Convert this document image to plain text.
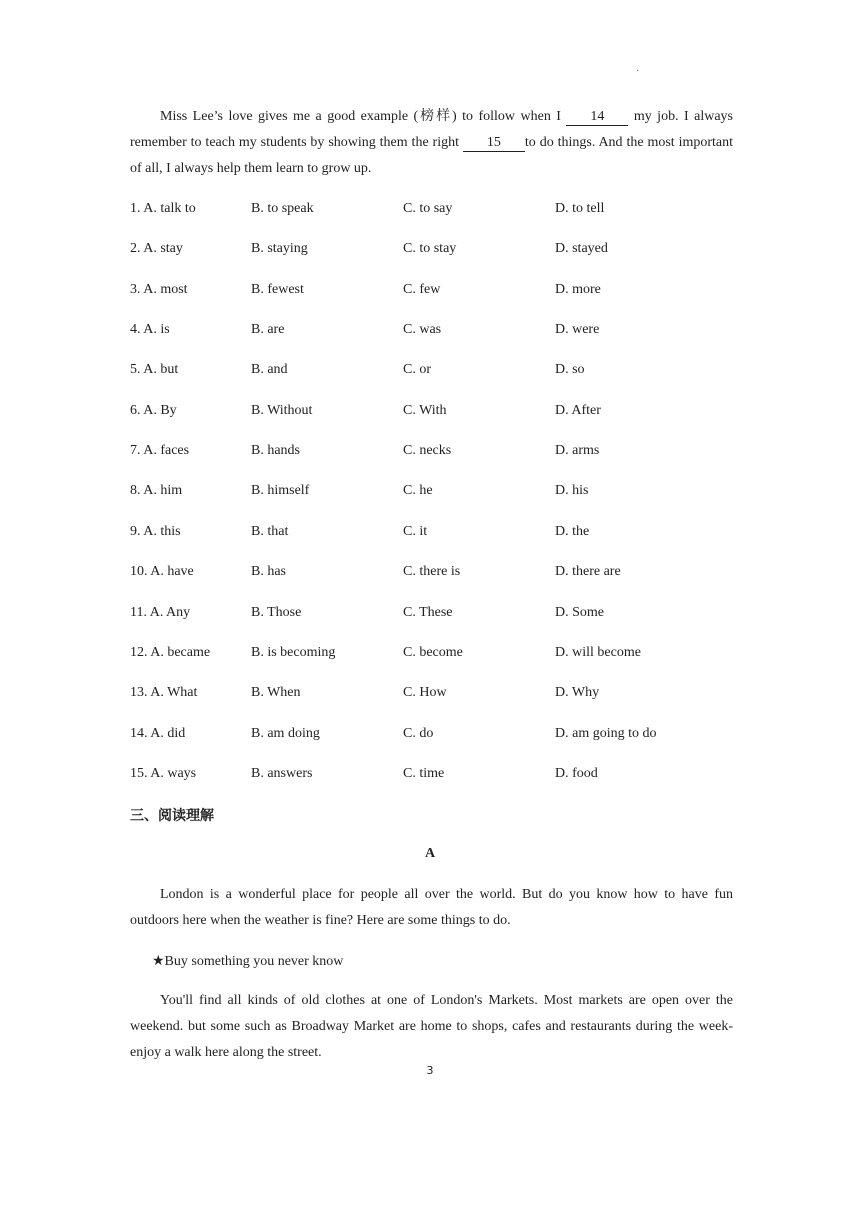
·
Miss Lee’s love gives me a good example (榜样) to follow when I 14 my job. I always remember to teach my students by showing them the right 15 to do things. And the most important of all, I always help them learn to grow up.
1. A. talk to	B. to speak	C. to say	D. to tell
2. A. stay	B. staying	C. to stay	D. stayed
3. A. most	B. fewest	C. few	D. more
4. A. is	B. are	C. was	D. were
5. A. but	B. and	C. or	D. so
6. A. By	B. Without	C. With	D. After
7. A. faces	B. hands	C. necks	D. arms
8. A. him	B. himself	C. he	D. his
9. A. this	B. that	C. it	D. the
10. A. have	B. has	C. there is	D. there are
11. A. Any	B. Those	C. These	D. Some
12. A. became	B. is becoming	C. become	D. will become
13. A. What	B. When	C. How	D. Why
14. A. did	B. am doing	C. do	D. am going to do
15. A. ways	B. answers	C. time	D. food
三、阅读理解
A
London is a wonderful place for people all over the world. But do you know how to have fun outdoors here when the weather is fine? Here are some things to do.
★Buy something you never know
You'll find all kinds of old clothes at one of London's Markets. Most markets are open over the weekend. but some such as Broadway Market are home to shops, cafes and restaurants during the week- enjoy a walk here along the street.
3
